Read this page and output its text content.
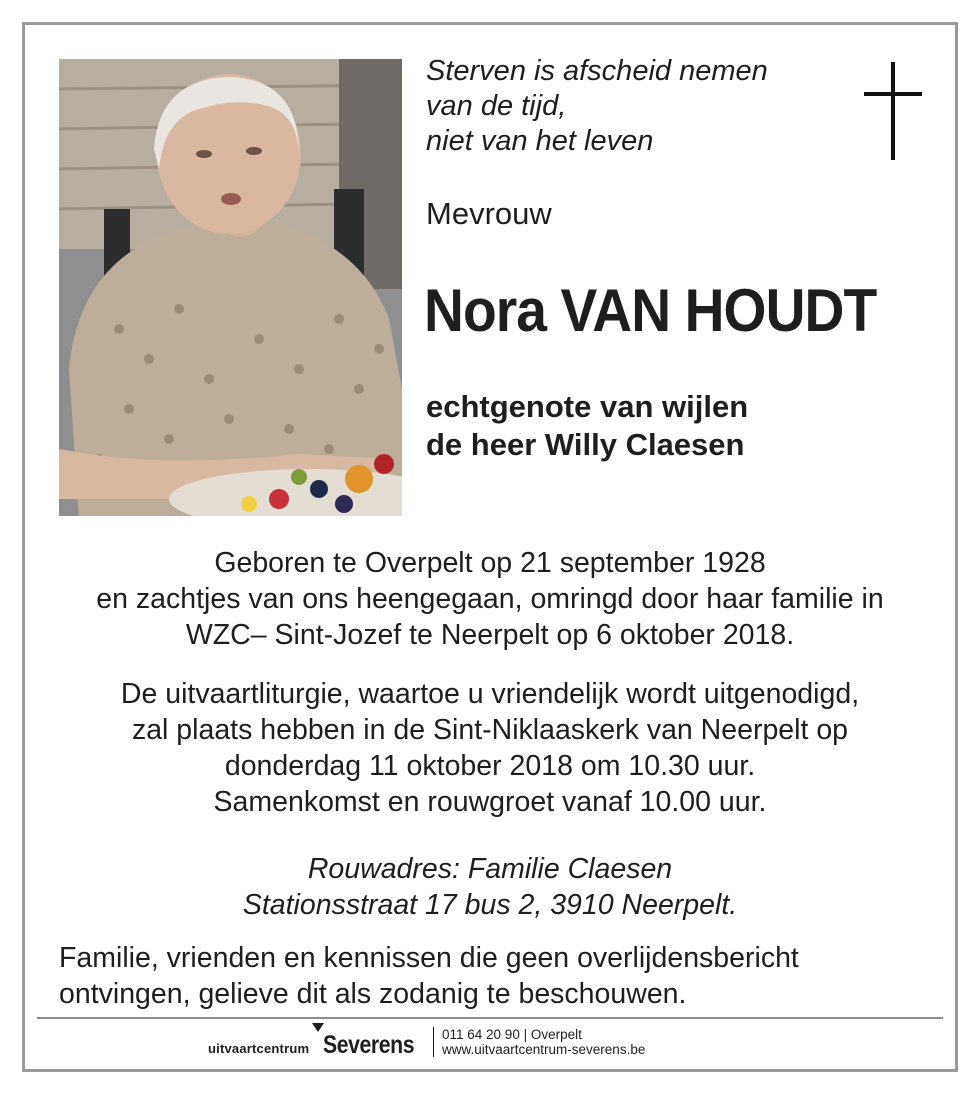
Sterven is afscheid nemen
van de tijd,
niet van het leven
Mevrouw
Nora VAN HOUDT
echtgenote van wijlen
de heer Willy Claesen
Geboren te Overpelt op 21 september 1928
en zachtjes van ons heengegaan, omringd door haar familie in
WZC– Sint-Jozef te Neerpelt op 6 oktober 2018.
De uitvaartliturgie, waartoe u vriendelijk wordt uitgenodigd,
zal plaats hebben in de Sint-Niklaaskerk van Neerpelt op
donderdag 11 oktober 2018 om 10.30 uur.
Samenkomst en rouwgroet vanaf 10.00 uur.
Rouwadres: Familie Claesen
Stationsstraat 17 bus 2, 3910 Neerpelt.
Familie, vrienden en kennissen die geen overlijdensbericht
ontvingen, gelieve dit als zodanig te beschouwen.
uitvaartcentrum Severens 011 64 20 90 | Overpelt
www.uitvaartcentrum-severens.be
